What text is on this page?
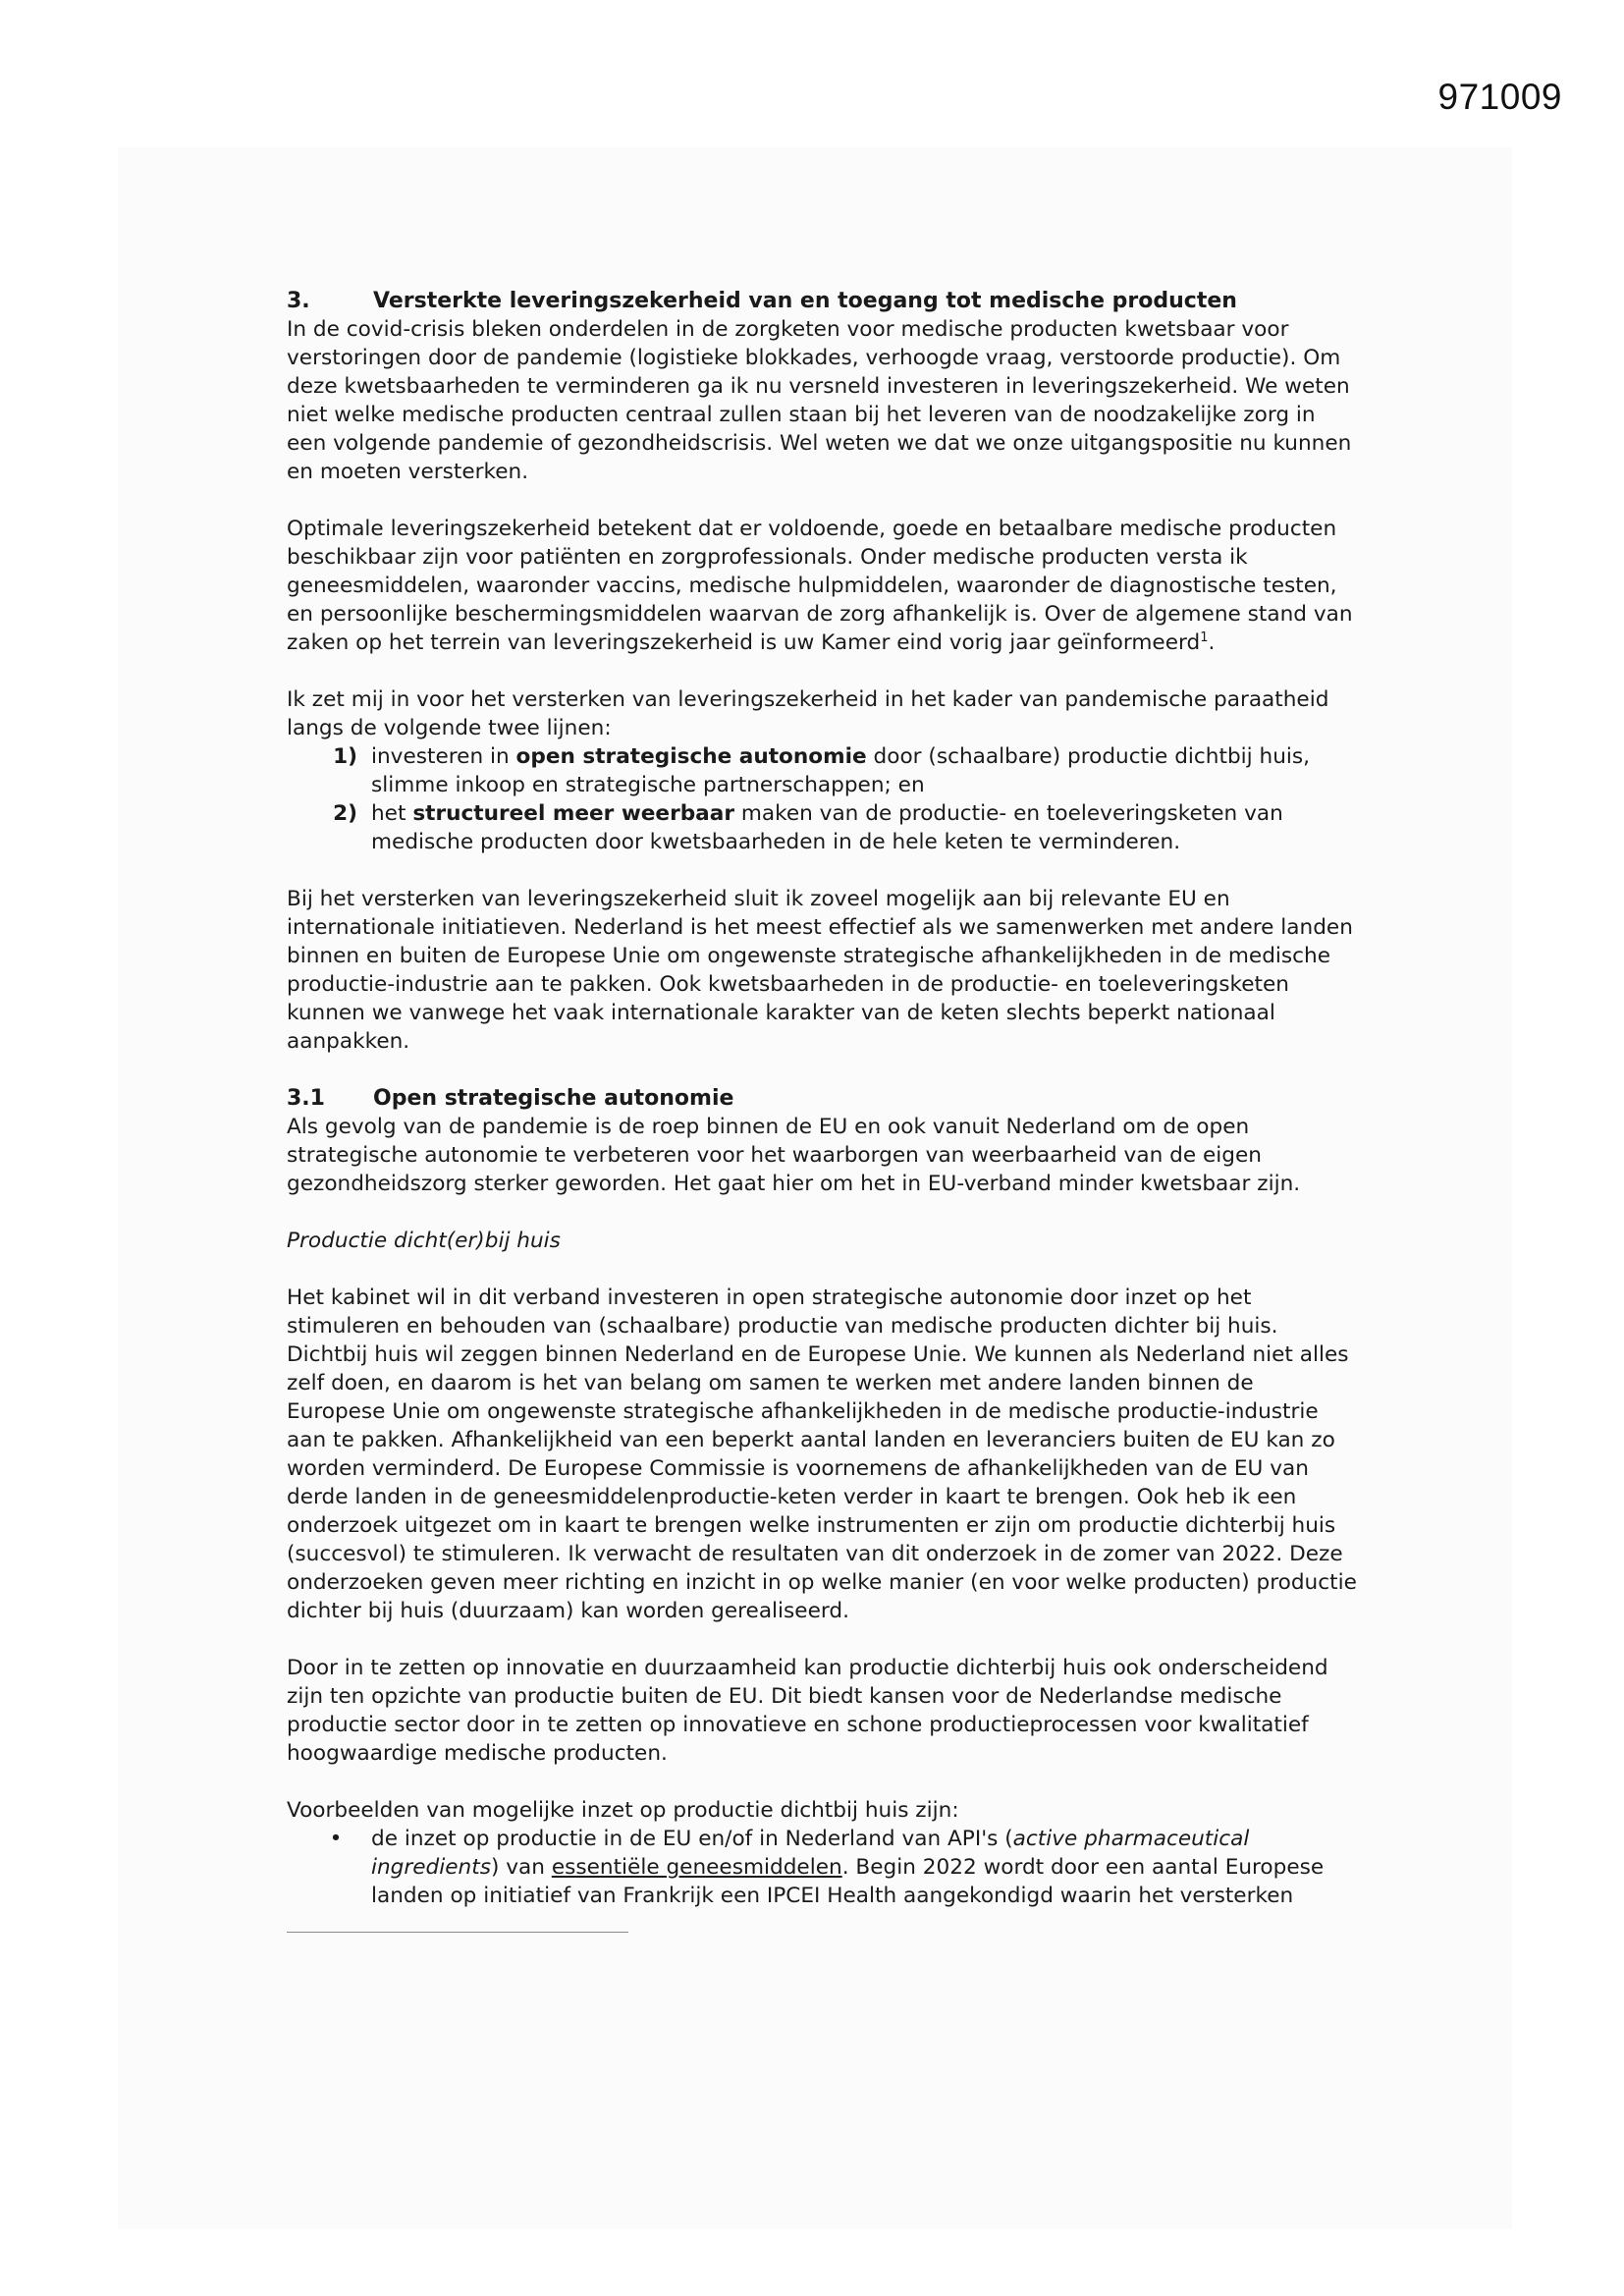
971009
3.	Versterkte leveringszekerheid van en toegang tot medische producten

In de covid-crisis bleken onderdelen in de zorgketen voor medische producten kwetsbaar voor verstoringen door de pandemie (logistieke blokkades, verhoogde vraag, verstoorde productie). Om deze kwetsbaarheden te verminderen ga ik nu versneld investeren in leveringszekerheid. We weten niet welke medische producten centraal zullen staan bij het leveren van de noodzakelijke zorg in een volgende pandemie of gezondheidscrisis. Wel weten we dat we onze uitgangspositie nu kunnen en moeten versterken.

Optimale leveringszekerheid betekent dat er voldoende, goede en betaalbare medische producten beschikbaar zijn voor patiënten en zorgprofessionals. Onder medische producten versta ik geneesmiddelen, waaronder vaccins, medische hulpmiddelen, waaronder de diagnostische testen, en persoonlijke beschermingsmiddelen waarvan de zorg afhankelijk is. Over de algemene stand van zaken op het terrein van leveringszekerheid is uw Kamer eind vorig jaar geïnformeerd$^1$.

Ik zet mij in voor het versterken van leveringszekerheid in het kader van pandemische paraatheid langs de volgende twee lijnen:

1) investeren in open strategische autonomie door (schaalbare) productie dichtbij huis, slimme inkoop en strategische partnerschappen; en
2) het structureel meer weerbaar maken van de productie- en toeleveringsketen van medische producten door kwetsbaarheden in de hele keten te verminderen.

Bij het versterken van leveringszekerheid sluit ik zoveel mogelijk aan bij relevante EU en internationale initiatieven. Nederland is het meest effectief als we samenwerken met andere landen binnen en buiten de Europese Unie om ongewenste strategische afhankelijkheden in de medische productie-industrie aan te pakken. Ook kwetsbaarheden in de productie- en toeleveringsketen kunnen we vanwege het vaak internationale karakter van de keten slechts beperkt nationaal aanpakken.

3.1	Open strategische autonomie

Als gevolg van de pandemie is de roep binnen de EU en ook vanuit Nederland om de open strategische autonomie te verbeteren voor het waarborgen van weerbaarheid van de eigen gezondheidszorg sterker geworden. Het gaat hier om het in EU-verband minder kwetsbaar zijn.

Productie dicht(er)bij huis

Het kabinet wil in dit verband investeren in open strategische autonomie door inzet op het stimuleren en behouden van (schaalbare) productie van medische producten dichter bij huis. Dichtbij huis wil zeggen binnen Nederland en de Europese Unie. We kunnen als Nederland niet alles zelf doen, en daarom is het van belang om samen te werken met andere landen binnen de Europese Unie om ongewenste strategische afhankelijkheden in de medische productie-industrie aan te pakken. Afhankelijkheid van een beperkt aantal landen en leveranciers buiten de EU kan zo worden verminderd. De Europese Commissie is voornemens de afhankelijkheden van de EU van derde landen in de geneesmiddelenproductie-keten verder in kaart te brengen. Ook heb ik een onderzoek uitgezet om in kaart te brengen welke instrumenten er zijn om productie dichterbij huis (succesvol) te stimuleren. Ik verwacht de resultaten van dit onderzoek in de zomer van 2022. Deze onderzoeken geven meer richting en inzicht in op welke manier (en voor welke producten) productie dichter bij huis (duurzaam) kan worden gerealiseerd.

Door in te zetten op innovatie en duurzaamheid kan productie dichterbij huis ook onderscheidend zijn ten opzichte van productie buiten de EU. Dit biedt kansen voor de Nederlandse medische productie sector door in te zetten op innovatieve en schone productieprocessen voor kwalitatief hoogwaardige medische producten.

Voorbeelden van mogelijke inzet op productie dichtbij huis zijn:

•	de inzet op productie in de EU en/of in Nederland van API's (active pharmaceutical ingredients) van essentiële geneesmiddelen. Begin 2022 wordt door een aantal Europese landen op initiatief van Frankrijk een IPCEI Health aangekondigd waarin het versterken
